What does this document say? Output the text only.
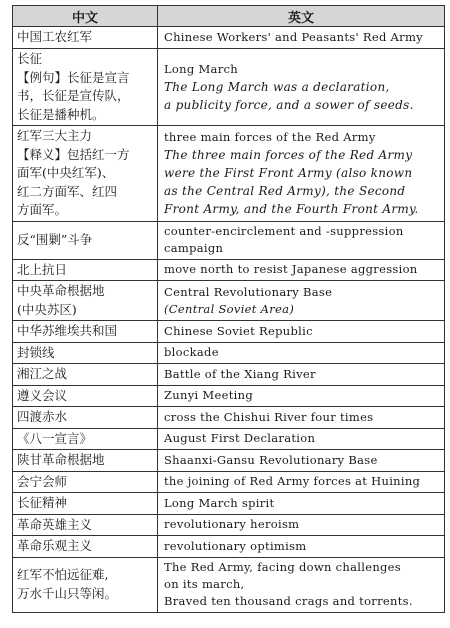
中文	英文

中国工农红军	Chinese Workers' and Peasants' Red Army

长征
【例句】长征是宣言
书，长征是宣传队，
长征是播种机。	Long March
The Long March was a declaration,
a publicity force, and a sower of seeds.

红军三大主力
【释义】包括红一方
面军(中央红军)、
红二方面军、红四
方面军。	three main forces of the Red Army
The three main forces of the Red Army
were the First Front Army (also known
as the Central Red Army), the Second
Front Army, and the Fourth Front Army.

反“围剿”斗争	counter-encirclement and -suppression
campaign

北上抗日	move north to resist Japanese aggression

中央革命根据地
(中央苏区)	Central Revolutionary Base
(Central Soviet Area)

中华苏维埃共和国	Chinese Soviet Republic

封锁线	blockade

湘江之战	Battle of the Xiang River

遵义会议	Zunyi Meeting

四渡赤水	cross the Chishui River four times

《八一宣言》	August First Declaration

陕甘革命根据地	Shaanxi-Gansu Revolutionary Base

会宁会师	the joining of Red Army forces at Huining

长征精神	Long March spirit

革命英雄主义	revolutionary heroism

革命乐观主义	revolutionary optimism

红军不怕远征难,
万水千山只等闲。	The Red Army, facing down challenges
on its march,
Braved ten thousand crags and torrents.
